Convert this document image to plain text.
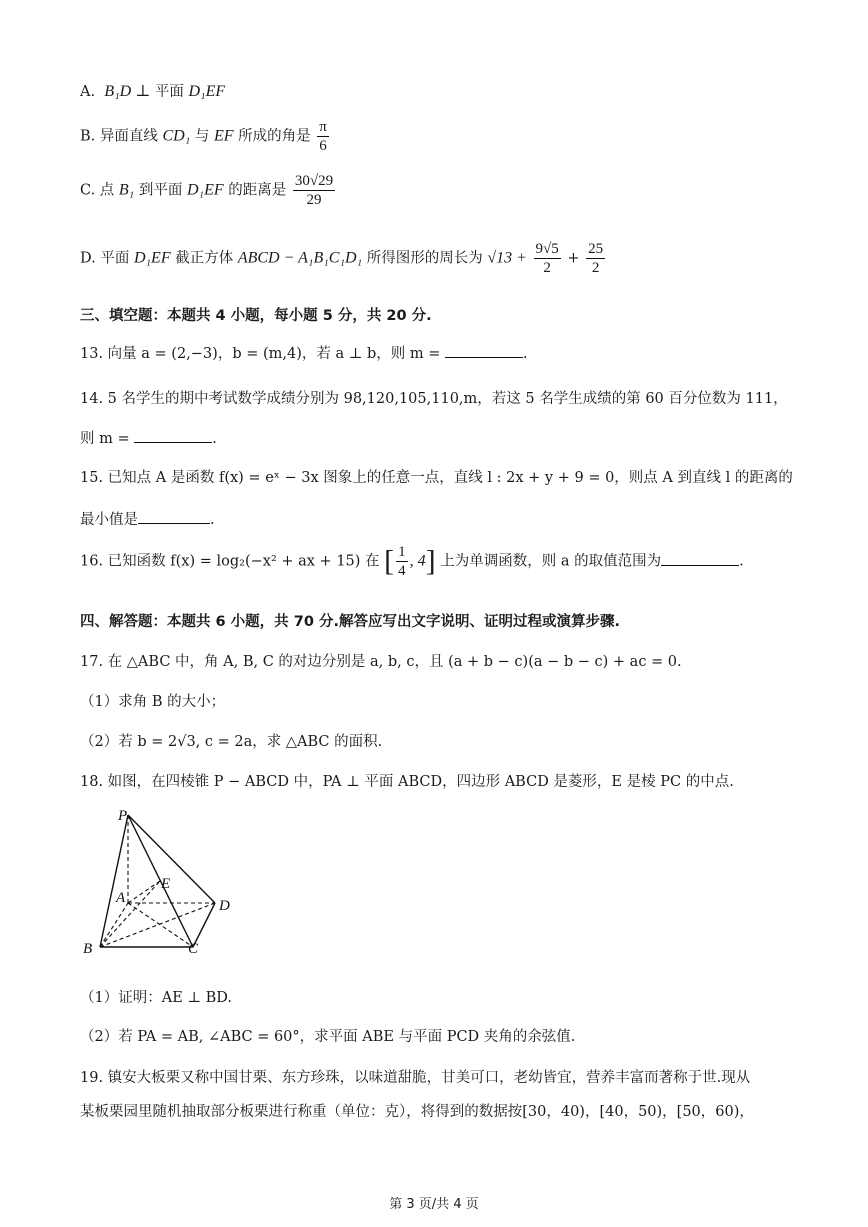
A. B₁D ⊥ 平面 D₁EF
B. 异面直线 CD₁ 与 EF 所成的角是 $\frac{\pi}{6}$
C. 点 B₁ 到平面 D₁EF 的距离是 $\frac{30√29}{29}$
D. 平面 D₁EF 截正方体 ABCD − A₁B₁C₁D₁ 所得图形的周长为 $√13 + \frac{9√5}{2} + \frac{25}{2}$
三、填空题：本题共 4 小题，每小题 5 分，共 20 分.
13. 向量 a = (2,−3)，b = (m,4)，若 a ⊥ b，则 m =	.
14. 5 名学生的期中考试数学成绩分别为 98,120,105,110,m，若这 5 名学生成绩的第 60 百分位数为 111，
则 m =	.
15. 已知点 A 是函数 f(x) = eˣ − 3x 图象上的任意一点，直线 l : 2x + y + 9 = 0，则点 A 到直线 l 的距离的
最小值是	.
16. 已知函数 f(x) = log₂(−x² + ax + 15) 在 [ $\frac{1}{4}$ , 4] 上为单调函数，则 a 的取值范围为	.
四、解答题：本题共 6 小题，共 70 分.解答应写出文字说明、证明过程或演算步骤.
17. 在 △ABC 中，角 A, B, C 的对边分别是 a, b, c，且 (a + b − c)(a − b − c) + ac = 0.
（1）求角 B 的大小；
（2）若 b = 2√3, c = 2a，求 △ABC 的面积.
18. 如图，在四棱锥 P − ABCD 中，PA ⊥ 平面 ABCD，四边形 ABCD 是菱形，E 是棱 PC 的中点.
P
A
E
D
B	C
（1）证明：AE ⊥ BD.
（2）若 PA = AB, ∠ABC = 60°，求平面 ABE 与平面 PCD 夹角的余弦值.
19. 镇安大板栗又称中国甘栗、东方珍珠，以味道甜脆，甘美可口，老幼皆宜，营养丰富而著称于世.现从
某板栗园里随机抽取部分板栗进行称重（单位：克），将得到的数据按[30，40)，[40，50)，[50，60)，
第 3 页/共 4 页
